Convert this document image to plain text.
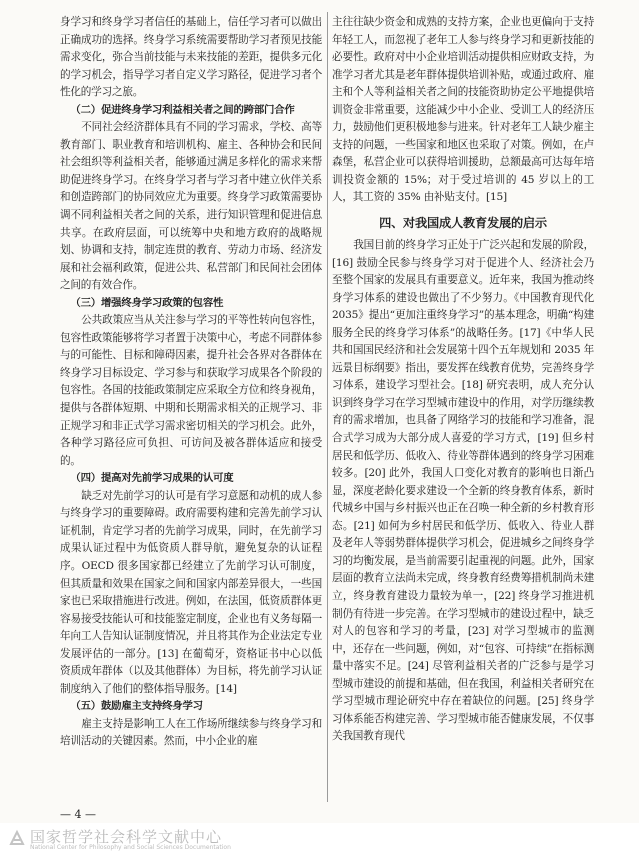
身学习和终身学习者信任的基础上，信任学习者可以做出正确成功的选择。终身学习系统需要帮助学习者预见技能需求变化，弥合当前技能与未来技能的差距，提供多元化的学习机会，指导学习者自定义学习路径，促进学习者个性化的学习之旅。

（二）促进终身学习利益相关者之间的跨部门合作

不同社会经济群体具有不同的学习需求，学校、高等教育部门、职业教育和培训机构、雇主、各种协会和民间社会组织等利益相关者，能够通过满足多样化的需求来帮助促进终身学习。在终身学习者与学习者中建立伙伴关系和创造跨部门的协同效应尤为重要。终身学习政策需要协调不同利益相关者之间的关系，进行知识管理和促进信息共享。在政府层面，可以统筹中央和地方政府的战略规划、协调和支持，制定连贯的教育、劳动力市场、经济发展和社会福利政策，促进公共、私营部门和民间社会团体之间的有效合作。

（三）增强终身学习政策的包容性

公共政策应当从关注参与学习的平等性转向包容性，包容性政策能够将学习者置于决策中心，考虑不同群体参与的可能性、目标和障碍因素，提升社会各界对各群体在终身学习目标设定、学习参与和获取学习成果各个阶段的包容性。各国的技能政策制定应采取全方位和终身视角，提供与各群体短期、中期和长期需求相关的正规学习、非正规学习和非正式学习需求密切相关的学习机会。此外，各种学习路径应可负担、可访问及被各群体适应和接受的。

（四）提高对先前学习成果的认可度

缺乏对先前学习的认可是有学习意愿和动机的成人参与终身学习的重要障碍。政府需要构建和完善先前学习认证机制，肯定学习者的先前学习成果，同时，在先前学习成果认证过程中为低资质人群导航，避免复杂的认证程序。OECD 很多国家都已经建立了先前学习认可制度，但其质量和效果在国家之间和国家内部差异很大，一些国家也已采取措施进行改进。例如，在法国，低资质群体更容易接受技能认可和技能鉴定制度，企业也有义务每隔一年向工人告知认证制度情况，并且将其作为企业法定专业发展评估的一部分。[13] 在葡萄牙，资格证书中心以低资质成年群体（以及其他群体）为目标，将先前学习认证制度纳入了他们的整体指导服务。[14]

（五）鼓励雇主支持终身学习

雇主支持是影响工人在工作场所继续参与终身学习和培训活动的关键因素。然而，中小企业的雇

主往往缺少资金和成熟的支持方案，企业也更偏向于支持年轻工人，而忽视了老年工人参与终身学习和更新技能的必要性。政府对中小企业培训活动提供相应财政支持，为准学习者尤其是老年群体提供培训补贴，或通过政府、雇主和个人等利益相关者之间的技能资助协定公平地提供培训资金非常重要，这能减少中小企业、受训工人的经济压力，鼓励他们更积极地参与进来。针对老年工人缺少雇主支持的问题，一些国家和地区也采取了对策。例如，在卢森堡，私营企业可以获得培训援助，总额最高可达每年培训投资金额的 15%；对于受过培训的 45 岁以上的工人，其工资的 35% 由补贴支付。[15]

四、对我国成人教育发展的启示

我国目前的终身学习正处于广泛兴起和发展的阶段，[16] 鼓励全民参与终身学习对于促进个人、经济社会乃至整个国家的发展具有重要意义。近年来，我国为推动终身学习体系的建设也做出了不少努力。《中国教育现代化 2035》提出“更加注重终身学习”的基本理念，明确“构建服务全民的终身学习体系”的战略任务。[17]《中华人民共和国国民经济和社会发展第十四个五年规划和 2035 年远景目标纲要》指出，要发挥在线教育优势，完善终身学习体系，建设学习型社会。[18] 研究表明，成人充分认识到终身学习在学习型城市建设中的作用，对学历继续教育的需求增加，也具备了网络学习的技能和学习准备，混合式学习成为大部分成人喜爱的学习方式，[19] 但乡村居民和低学历、低收入、待业等群体遇到的终身学习困难较多。[20] 此外，我国人口变化对教育的影响也日渐凸显，深度老龄化要求建设一个全新的终身教育体系，新时代城乡中国与乡村振兴也正在召唤一种全新的乡村教育形态。[21] 如何为乡村居民和低学历、低收入、待业人群及老年人等弱势群体提供学习机会，促进城乡之间终身学习的均衡发展，是当前需要引起重视的问题。此外，国家层面的教育立法尚未完成，终身教育经费筹措机制尚未建立，终身教育建设力量较为单一，[22] 终身学习推进机制仍有待进一步完善。在学习型城市的建设过程中，缺乏对人的包容和学习的考量，[23] 对学习型城市的监测中，还存在一些问题，例如，对“包容、可持续”在指标测量中落实不足。[24] 尽管利益相关者的广泛参与是学习型城市建设的前提和基础，但在我国，利益相关者研究在学习型城市理论研究中存在着缺位的问题。[25] 终身学习体系能否构建完善、学习型城市能否健康发展，不仅事关我国教育现代

— 4 —
国家哲学社会科学文献中心
National Center for Philosophy and Social Sciences Documentation
